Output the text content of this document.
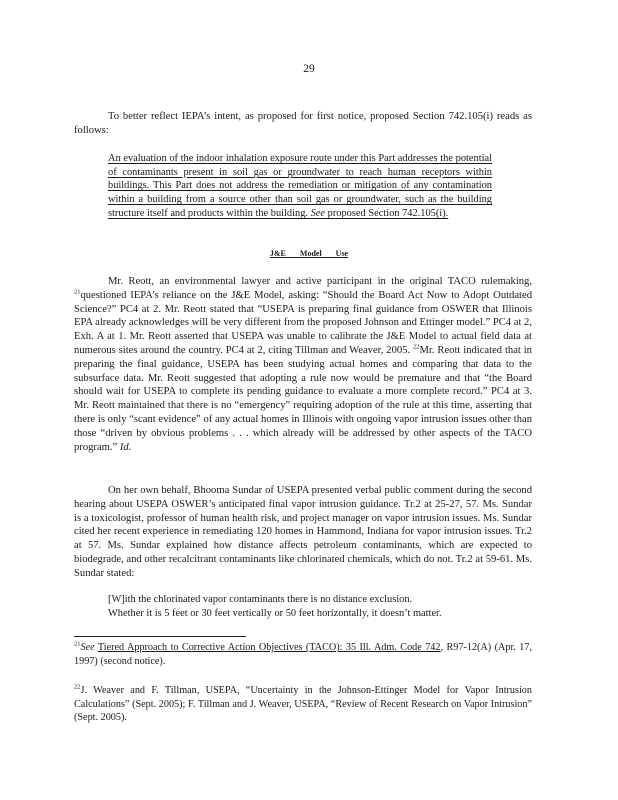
29
To better reflect IEPA’s intent, as proposed for first notice, proposed Section 742.105(i) reads as follows:
An evaluation of the indoor inhalation exposure route under this Part addresses the potential of contaminants present in soil gas or groundwater to reach human receptors within buildings. This Part does not address the remediation or mitigation of any contamination within a building from a source other than soil gas or groundwater, such as the building structure itself and products within the building. See proposed Section 742.105(i).
J&E Model Use
Mr. Reott, an environmental lawyer and active participant in the original TACO rulemaking, $^{21}$questioned IEPA’s reliance on the J&E Model, asking: “Should the Board Act Now to Adopt Outdated Science?” PC4 at 2. Mr. Reott stated that “USEPA is preparing final guidance from OSWER that Illinois EPA already acknowledges will be very different from the proposed Johnson and Ettinger model.” PC4 at 2, Exh. A at 1. Mr. Reott asserted that USEPA was unable to calibrate the J&E Model to actual field data at numerous sites around the country. PC4 at 2, citing Tillman and Weaver, 2005. $^{22}$Mr. Reott indicated that in preparing the final guidance, USEPA has been studying actual homes and comparing that data to the subsurface data. Mr. Reott suggested that adopting a rule now would be premature and that “the Board should wait for USEPA to complete its pending guidance to evaluate a more complete record.” PC4 at 3. Mr. Reott maintained that there is no “emergency” requiring adoption of the rule at this time, asserting that there is only “scant evidence” of any actual homes in Illinois with ongoing vapor intrusion issues other than those “driven by obvious problems . . . which already will be addressed by other aspects of the TACO program.” Id.
On her own behalf, Bhooma Sundar of USEPA presented verbal public comment during the second hearing about USEPA OSWER’s anticipated final vapor intrusion guidance. Tr.2 at 25-27, 57. Ms. Sundar is a toxicologist, professor of human health risk, and project manager on vapor intrusion issues. Ms. Sundar cited her recent experience in remediating 120 homes in Hammond, Indiana for vapor intrusion issues. Tr.2 at 57. Ms. Sundar explained how distance affects petroleum contaminants, which are expected to biodegrade, and other recalcitrant contaminants like chlorinated chemicals, which do not. Tr.2 at 59-61. Ms. Sundar stated:
[W]ith the chlorinated vapor contaminants there is no distance exclusion.
Whether it is 5 feet or 30 feet vertically or 50 feet horizontally, it doesn’t matter.
$^{21}$See Tiered Approach to Corrective Action Objectives (TACO): 35 Ill. Adm. Code 742, R97-12(A) (Apr. 17, 1997) (second notice).
$^{22}$J. Weaver and F. Tillman, USEPA, “Uncertainty in the Johnson-Ettinger Model for Vapor Intrusion Calculations” (Sept. 2005); F. Tillman and J. Weaver, USEPA, “Review of Recent Research on Vapor Intrusion” (Sept. 2005).
